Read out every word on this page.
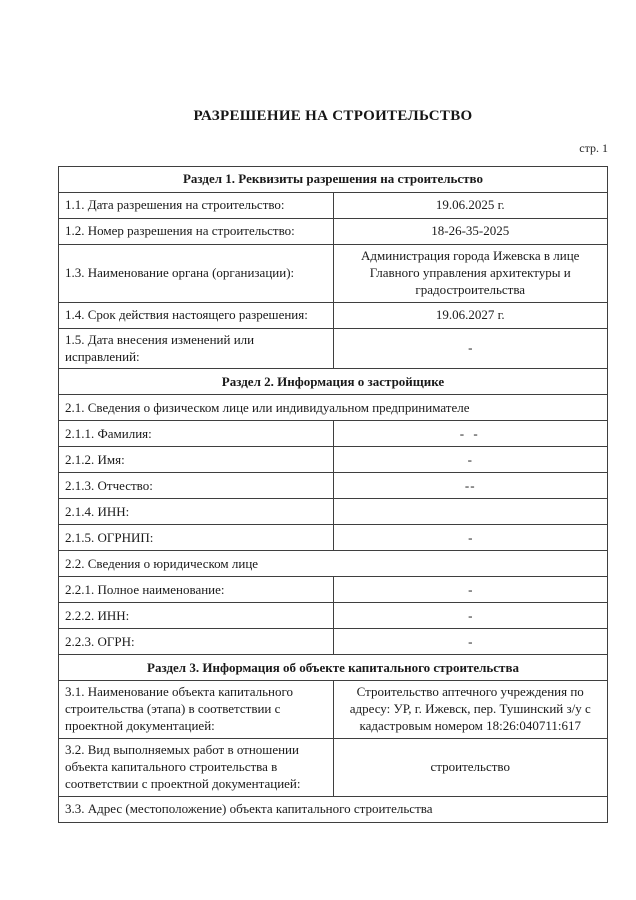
РАЗРЕШЕНИЕ НА СТРОИТЕЛЬСТВО
стр. 1
Раздел 1. Реквизиты разрешения на строительство	
1.1. Дата разрешения на строительство:	19.06.2025 г.
1.2. Номер разрешения на строительство:	18-26-35-2025
1.3. Наименование органа (организации):	Администрация города Ижевска в лице Главного управления архитектуры и градостроительства
1.4. Срок действия настоящего разрешения:	19.06.2027 г.
1.5. Дата внесения изменений или исправлений:	-
Раздел 2. Информация о застройщике	
2.1. Сведения о физическом лице или индивидуальном предпринимателе	
2.1.1. Фамилия:	- -
2.1.2. Имя:	-
2.1.3. Отчество:	--
2.1.4. ИНН:	
2.1.5. ОГРНИП:	-
2.2. Сведения о юридическом лице	
2.2.1. Полное наименование:	-
2.2.2. ИНН:	-
2.2.3. ОГРН:	-
Раздел 3. Информация об объекте капитального строительства	
3.1. Наименование объекта капитального строительства (этапа) в соответствии с проектной документацией:	Строительство аптечного учреждения по адресу: УР, г. Ижевск, пер. Тушинский з/у с кадастровым номером 18:26:040711:617
3.2. Вид выполняемых работ в отношении объекта капитального строительства в соответствии с проектной документацией:	строительство
3.3. Адрес (местоположение) объекта капитального строительства	
